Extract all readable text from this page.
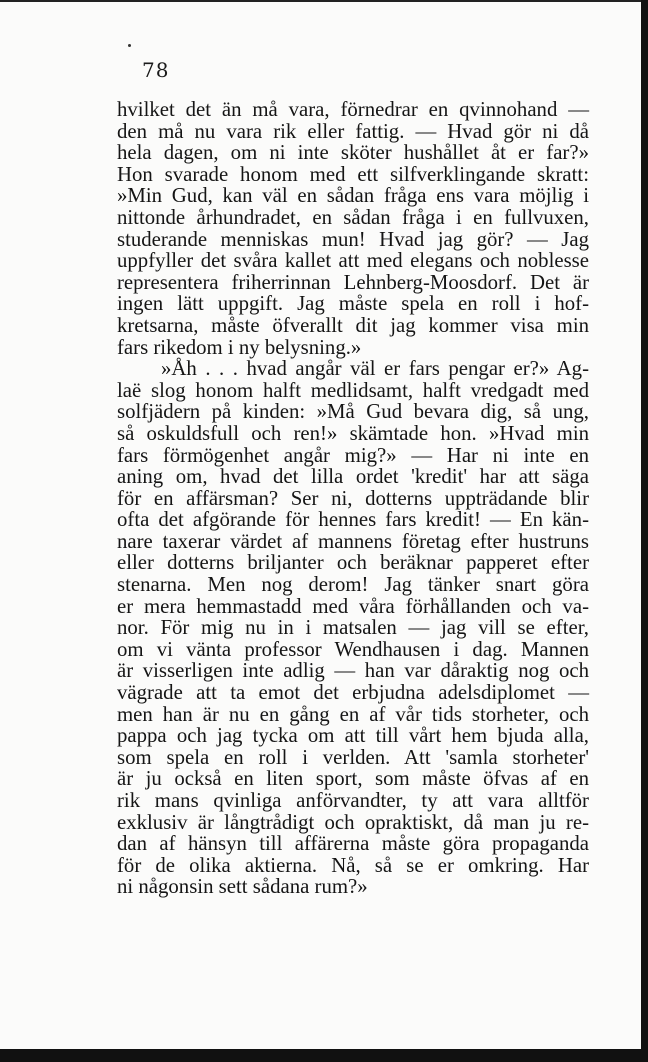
78
hvilket det än må vara, förnedrar en qvinnohand —
den må nu vara rik eller fattig. — Hvad gör ni då
hela dagen, om ni inte sköter hushållet åt er far?»
Hon svarade honom med ett silfverklingande skratt:
»Min Gud, kan väl en sådan fråga ens vara möjlig i
nittonde århundradet, en sådan fråga i en fullvuxen,
studerande menniskas mun! Hvad jag gör? — Jag
uppfyller det svåra kallet att med elegans och noblesse
representera friherrinnan Lehnberg-Moosdorf. Det är
ingen lätt uppgift. Jag måste spela en roll i hof-
kretsarna, måste öfverallt dit jag kommer visa min
fars rikedom i ny belysning.»
»Åh . . . hvad angår väl er fars pengar er?» Ag-
laë slog honom halft medlidsamt, halft vredgadt med
solfjädern på kinden: »Må Gud bevara dig, så ung,
så oskuldsfull och ren!» skämtade hon. »Hvad min
fars förmögenhet angår mig?» — Har ni inte en
aning om, hvad det lilla ordet 'kredit' har att säga
för en affärsman? Ser ni, dotterns uppträdande blir
ofta det afgörande för hennes fars kredit! — En kän-
nare taxerar värdet af mannens företag efter hustruns
eller dotterns briljanter och beräknar papperet efter
stenarna. Men nog derom! Jag tänker snart göra
er mera hemmastadd med våra förhållanden och va-
nor. För mig nu in i matsalen — jag vill se efter,
om vi vänta professor Wendhausen i dag. Mannen
är visserligen inte adlig — han var dåraktig nog och
vägrade att ta emot det erbjudna adelsdiplomet —
men han är nu en gång en af vår tids storheter, och
pappa och jag tycka om att till vårt hem bjuda alla,
som spela en roll i verlden. Att 'samla storheter'
är ju också en liten sport, som måste öfvas af en
rik mans qvinliga anförvandter, ty att vara alltför
exklusiv är långtrådigt och opraktiskt, då man ju re-
dan af hänsyn till affärerna måste göra propaganda
för de olika aktierna. Nå, så se er omkring. Har
ni någonsin sett sådana rum?»
